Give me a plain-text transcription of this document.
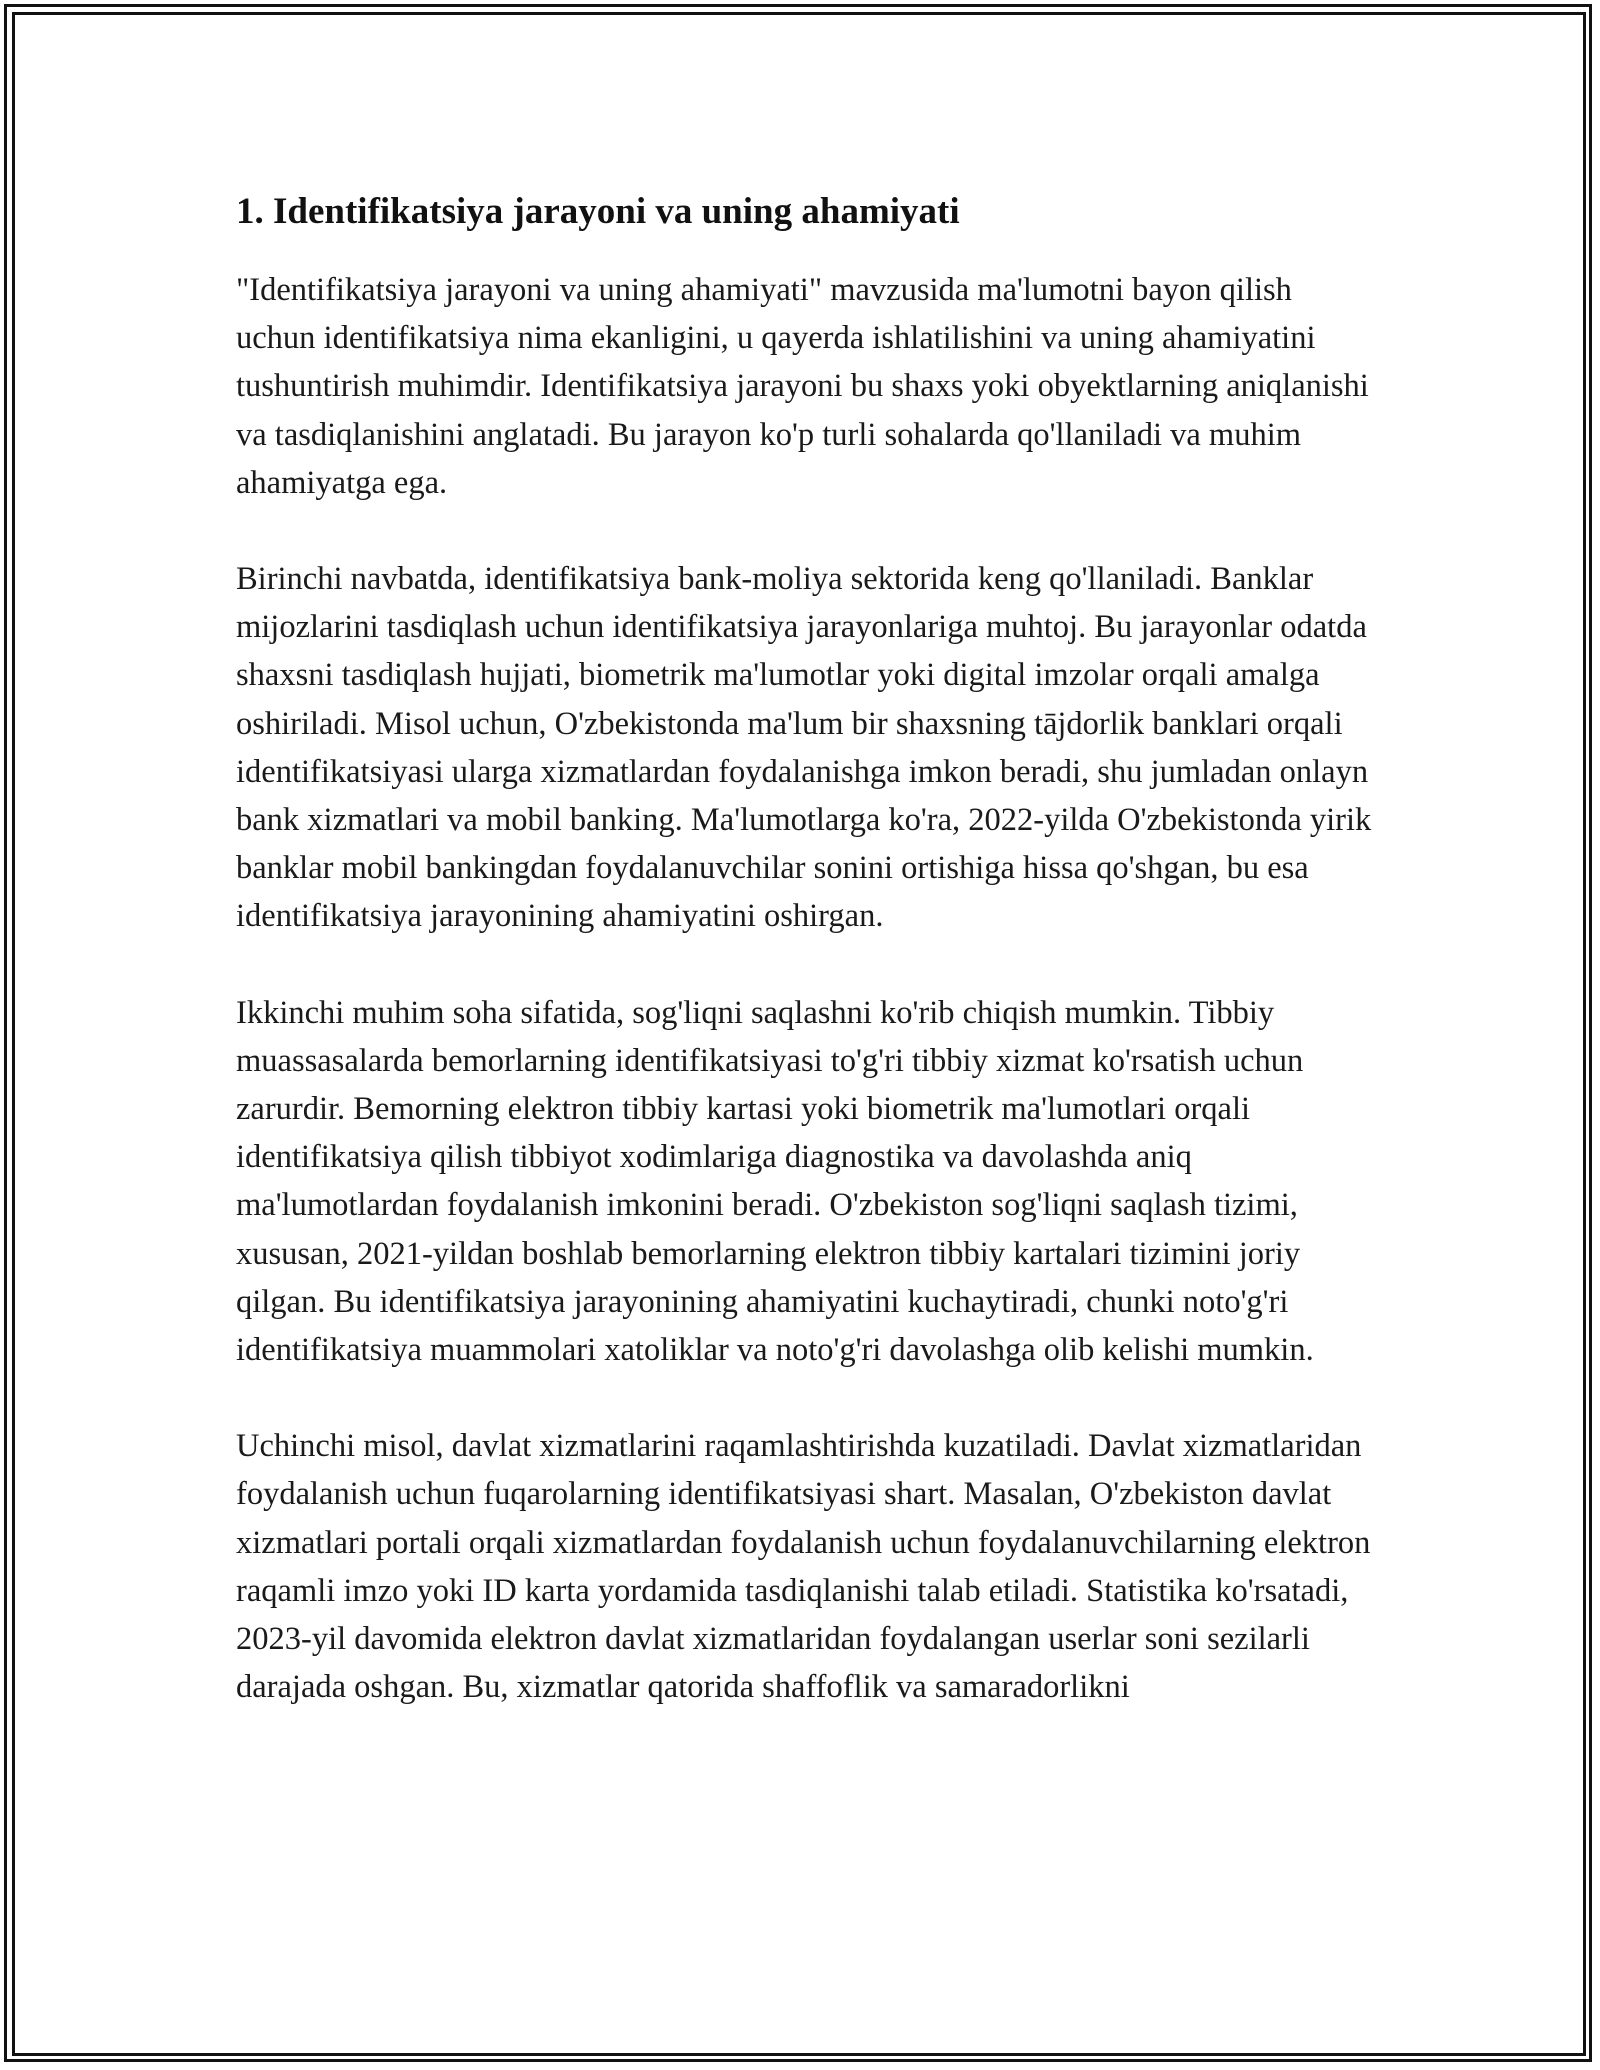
1. Identifikatsiya jarayoni va uning ahamiyati

"Identifikatsiya jarayoni va uning ahamiyati" mavzusida ma'lumotni bayon qilish uchun identifikatsiya nima ekanligini, u qayerda ishlatilishini va uning ahamiyatini tushuntirish muhimdir. Identifikatsiya jarayoni bu shaxs yoki obyektlarning aniqlanishi va tasdiqlanishini anglatadi. Bu jarayon ko'p turli sohalarda qo'llaniladi va muhim ahamiyatga ega.

Birinchi navbatda, identifikatsiya bank-moliya sektorida keng qo'llaniladi. Banklar mijozlarini tasdiqlash uchun identifikatsiya jarayonlariga muhtoj. Bu jarayonlar odatda shaxsni tasdiqlash hujjati, biometrik ma'lumotlar yoki digital imzolar orqali amalga oshiriladi. Misol uchun, O'zbekistonda ma'lum bir shaxsning tājdorlik banklari orqali identifikatsiyasi ularga xizmatlardan foydalanishga imkon beradi, shu jumladan onlayn bank xizmatlari va mobil banking. Ma'lumotlarga ko'ra, 2022-yilda O'zbekistonda yirik banklar mobil bankingdan foydalanuvchilar sonini ortishiga hissa qo'shgan, bu esa identifikatsiya jarayonining ahamiyatini oshirgan.

Ikkinchi muhim soha sifatida, sog'liqni saqlashni ko'rib chiqish mumkin. Tibbiy muassasalarda bemorlarning identifikatsiyasi to'g'ri tibbiy xizmat ko'rsatish uchun zarurdir. Bemorning elektron tibbiy kartasi yoki biometrik ma'lumotlari orqali identifikatsiya qilish tibbiyot xodimlariga diagnostika va davolashda aniq ma'lumotlardan foydalanish imkonini beradi. O'zbekiston sog'liqni saqlash tizimi, xususan, 2021-yildan boshlab bemorlarning elektron tibbiy kartalari tizimini joriy qilgan. Bu identifikatsiya jarayonining ahamiyatini kuchaytiradi, chunki noto'g'ri identifikatsiya muammolari xatoliklar va noto'g'ri davolashga olib kelishi mumkin.

Uchinchi misol, davlat xizmatlarini raqamlashtirishda kuzatiladi. Davlat xizmatlaridan foydalanish uchun fuqarolarning identifikatsiyasi shart. Masalan, O'zbekiston davlat xizmatlari portali orqali xizmatlardan foydalanish uchun foydalanuvchilarning elektron raqamli imzo yoki ID karta yordamida tasdiqlanishi talab etiladi. Statistika ko'rsatadi, 2023-yil davomida elektron davlat xizmatlaridan foydalangan userlar soni sezilarli darajada oshgan. Bu, xizmatlar qatorida shaffoflik va samaradorlikni
